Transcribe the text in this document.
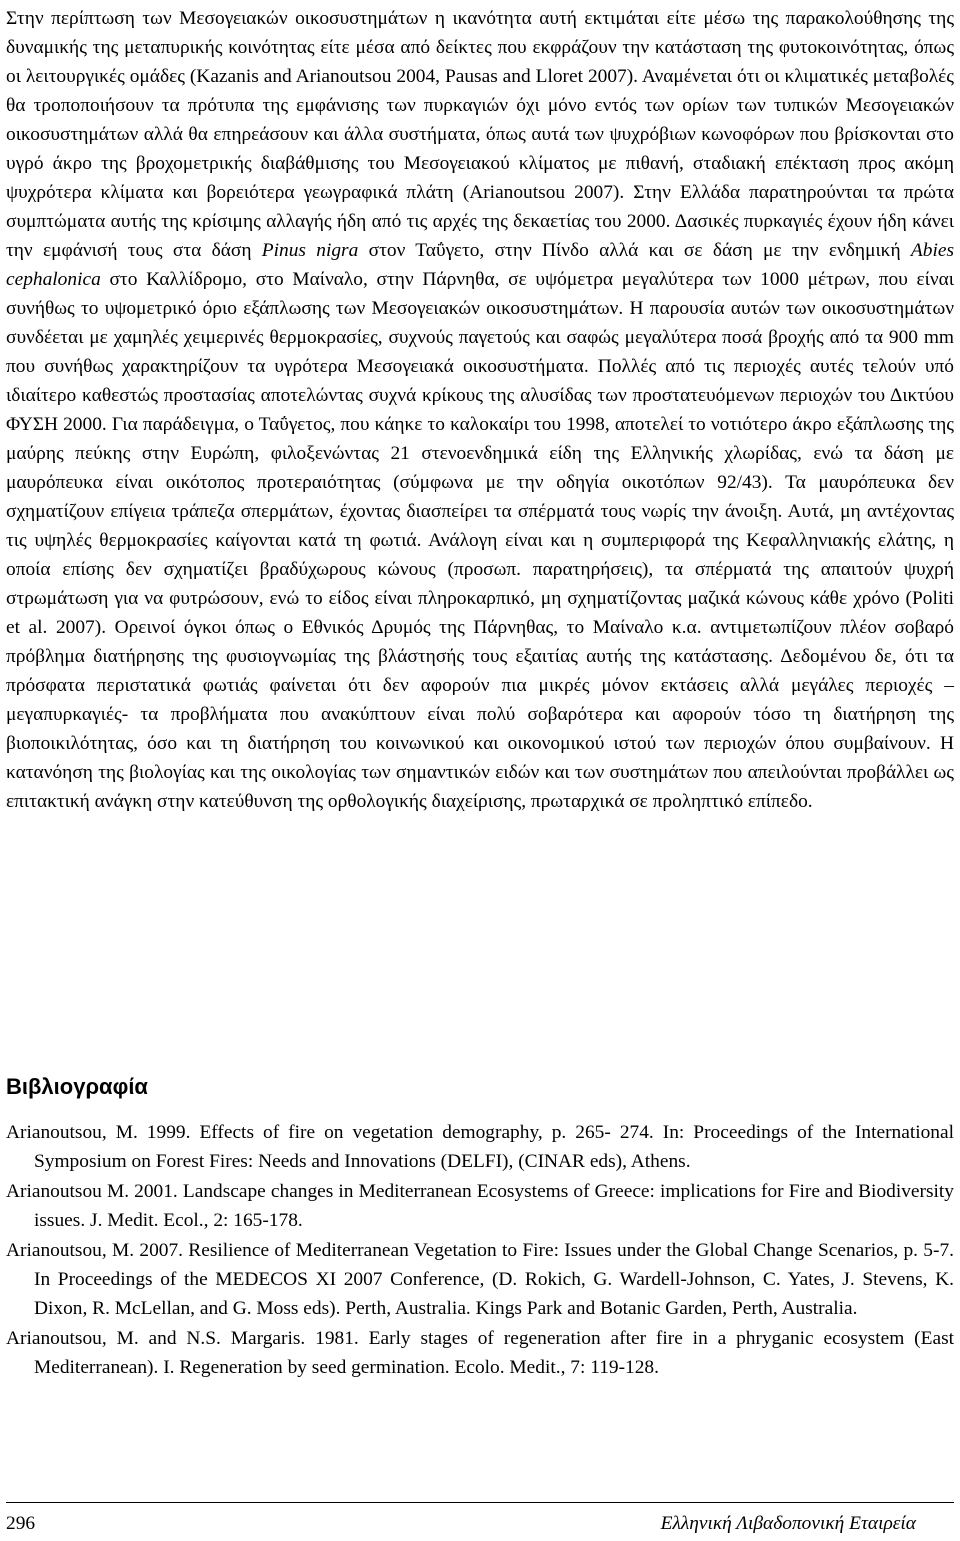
Στην περίπτωση των Μεσογειακών οικοσυστημάτων η ικανότητα αυτή εκτιμάται είτε μέσω της παρακολούθησης της δυναμικής της μεταπυρικής κοινότητας είτε μέσα από δείκτες που εκφράζουν την κατάσταση της φυτοκοινότητας, όπως οι λειτουργικές ομάδες (Kazanis and Arianoutsou 2004, Pausas and Lloret 2007). Αναμένεται ότι οι κλιματικές μεταβολές θα τροποποιήσουν τα πρότυπα της εμφάνισης των πυρκαγιών όχι μόνο εντός των ορίων των τυπικών Μεσογειακών οικοσυστημάτων αλλά θα επηρεάσουν και άλλα συστήματα, όπως αυτά των ψυχρόβιων κωνοφόρων που βρίσκονται στο υγρό άκρο της βροχομετρικής διαβάθμισης του Μεσογειακού κλίματος με πιθανή, σταδιακή επέκταση προς ακόμη ψυχρότερα κλίματα και βορειότερα γεωγραφικά πλάτη (Arianoutsou 2007). Στην Ελλάδα παρατηρούνται τα πρώτα συμπτώματα αυτής της κρίσιμης αλλαγής ήδη από τις αρχές της δεκαετίας του 2000. Δασικές πυρκαγιές έχουν ήδη κάνει την εμφάνισή τους στα δάση Pinus nigra στον Ταΰγετο, στην Πίνδο αλλά και σε δάση με την ενδημική Abies cephalonica στο Καλλίδρομο, στο Μαίναλο, στην Πάρνηθα, σε υψόμετρα μεγαλύτερα των 1000 μέτρων, που είναι συνήθως το υψομετρικό όριο εξάπλωσης των Μεσογειακών οικοσυστημάτων. Η παρουσία αυτών των οικοσυστημάτων συνδέεται με χαμηλές χειμερινές θερμοκρασίες, συχνούς παγετούς και σαφώς μεγαλύτερα ποσά βροχής από τα 900 mm που συνήθως χαρακτηρίζουν τα υγρότερα Μεσογειακά οικοσυστήματα. Πολλές από τις περιοχές αυτές τελούν υπό ιδιαίτερο καθεστώς προστασίας αποτελώντας συχνά κρίκους της αλυσίδας των προστατευόμενων περιοχών του Δικτύου ΦΥΣΗ 2000. Για παράδειγμα, ο Ταΰγετος, που κάηκε το καλοκαίρι του 1998, αποτελεί το νοτιότερο άκρο εξάπλωσης της μαύρης πεύκης στην Ευρώπη, φιλοξενώντας 21 στενοενδημικά είδη της Ελληνικής χλωρίδας, ενώ τα δάση με μαυρόπευκα είναι οικότοπος προτεραιότητας (σύμφωνα με την οδηγία οικοτόπων 92/43). Τα μαυρόπευκα δεν σχηματίζουν επίγεια τράπεζα σπερμάτων, έχοντας διασπείρει τα σπέρματά τους νωρίς την άνοιξη. Αυτά, μη αντέχοντας τις υψηλές θερμοκρασίες καίγονται κατά τη φωτιά. Ανάλογη είναι και η συμπεριφορά της Κεφαλληνιακής ελάτης, η οποία επίσης δεν σχηματίζει βραδύχωρους κώνους (προσωπ. παρατηρήσεις), τα σπέρματά της απαιτούν ψυχρή στρωμάτωση για να φυτρώσουν, ενώ το είδος είναι πληροκαρπικό, μη σχηματίζοντας μαζικά κώνους κάθε χρόνο (Politi et al. 2007). Ορεινοί όγκοι όπως ο Εθνικός Δρυμός της Πάρνηθας, το Μαίναλο κ.α. αντιμετωπίζουν πλέον σοβαρό πρόβλημα διατήρησης της φυσιογνωμίας της βλάστησής τους εξαιτίας αυτής της κατάστασης. Δεδομένου δε, ότι τα πρόσφατα περιστατικά φωτιάς φαίνεται ότι δεν αφορούν πια μικρές μόνον εκτάσεις αλλά μεγάλες περιοχές – μεγαπυρκαγιές- τα προβλήματα που ανακύπτουν είναι πολύ σοβαρότερα και αφορούν τόσο τη διατήρηση της βιοποικιλότητας, όσο και τη διατήρηση του κοινωνικού και οικονομικού ιστού των περιοχών όπου συμβαίνουν. Η κατανόηση της βιολογίας και της οικολογίας των σημαντικών ειδών και των συστημάτων που απειλούνται προβάλλει ως επιτακτική ανάγκη στην κατεύθυνση της ορθολογικής διαχείρισης, πρωταρχικά σε προληπτικό επίπεδο.

Βιβλιογραφία

Arianoutsou, M. 1999. Effects of fire on vegetation demography, p. 265- 274. In: Proceedings of the International Symposium on Forest Fires: Needs and Innovations (DELFI), (CINAR eds), Athens.

Arianoutsou M. 2001. Landscape changes in Mediterranean Ecosystems of Greece: implications for Fire and Biodiversity issues. J. Medit. Ecol., 2: 165-178.

Arianoutsou, M. 2007. Resilience of Mediterranean Vegetation to Fire: Issues under the Global Change Scenarios, p. 5-7. In Proceedings of the MEDECOS XI 2007 Conference, (D. Rokich, G. Wardell-Johnson, C. Yates, J. Stevens, K. Dixon, R. McLellan, and G. Moss eds). Perth, Australia. Kings Park and Botanic Garden, Perth, Australia.

Arianoutsou, M. and N.S. Margaris. 1981. Early stages of regeneration after fire in a phryganic ecosystem (East Mediterranean). I. Regeneration by seed germination. Ecolo. Medit., 7: 119-128.

296	Ελληνική Λιβαδοπονική Εταιρεία
